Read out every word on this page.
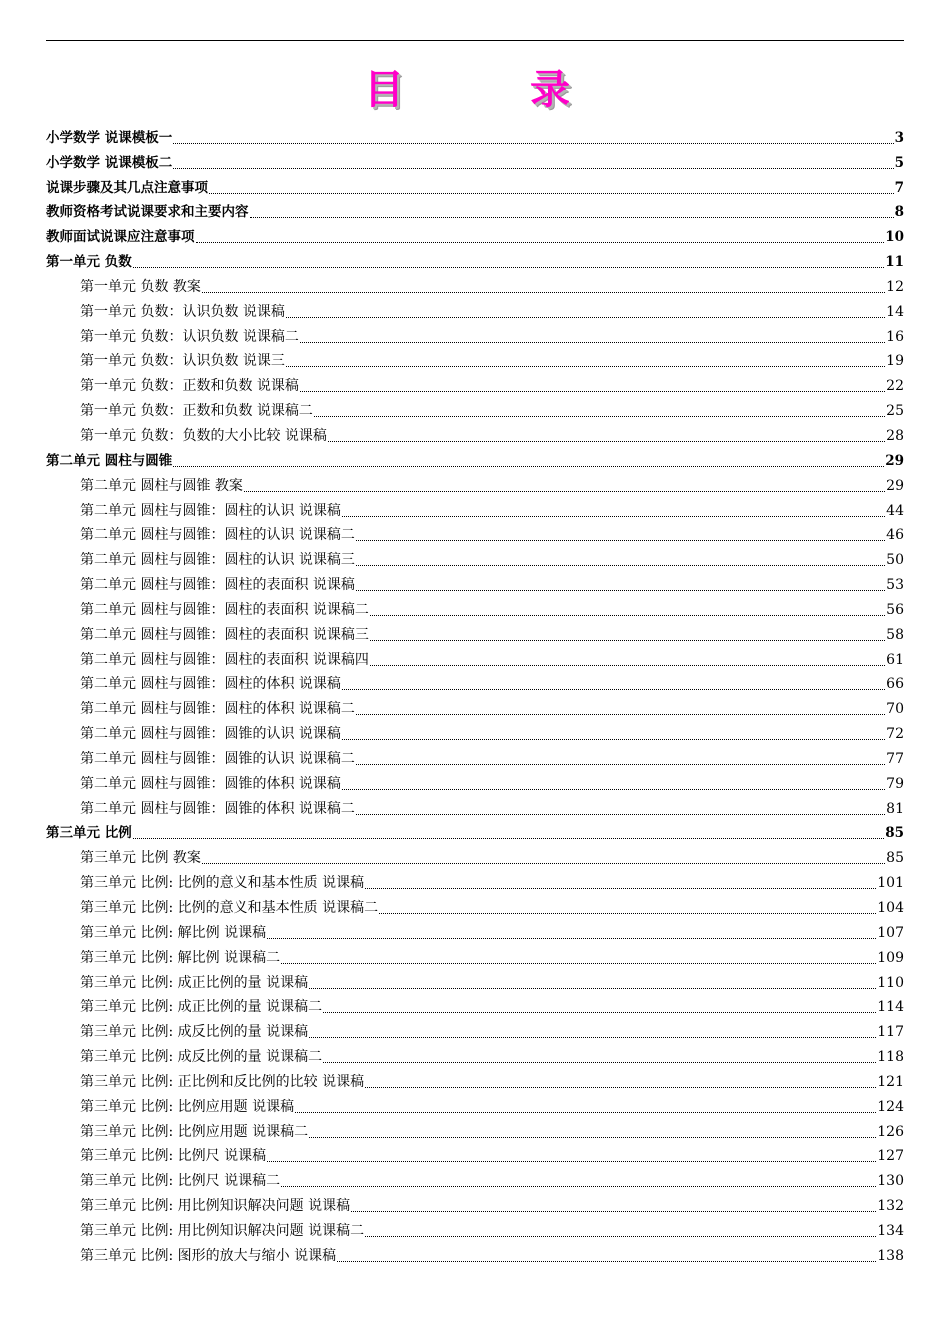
目 录
小学数学 说课模板一	3
小学数学 说课模板二	5
说课步骤及其几点注意事项	7
教师资格考试说课要求和主要内容	8
教师面试说课应注意事项	10
第一单元 负数	11
第一单元 负数 教案	12
第一单元 负数：认识负数 说课稿	14
第一单元 负数：认识负数 说课稿二	16
第一单元 负数：认识负数 说课三	19
第一单元 负数：正数和负数 说课稿	22
第一单元 负数：正数和负数 说课稿二	25
第一单元 负数：负数的大小比较 说课稿	28
第二单元 圆柱与圆锥	29
第二单元 圆柱与圆锥 教案	29
第二单元 圆柱与圆锥：圆柱的认识 说课稿	44
第二单元 圆柱与圆锥：圆柱的认识 说课稿二	46
第二单元 圆柱与圆锥：圆柱的认识 说课稿三	50
第二单元 圆柱与圆锥：圆柱的表面积 说课稿	53
第二单元 圆柱与圆锥：圆柱的表面积 说课稿二	56
第二单元 圆柱与圆锥：圆柱的表面积 说课稿三	58
第二单元 圆柱与圆锥：圆柱的表面积 说课稿四	61
第二单元 圆柱与圆锥：圆柱的体积 说课稿	66
第二单元 圆柱与圆锥：圆柱的体积 说课稿二	70
第二单元 圆柱与圆锥：圆锥的认识 说课稿	72
第二单元 圆柱与圆锥：圆锥的认识 说课稿二	77
第二单元 圆柱与圆锥：圆锥的体积 说课稿	79
第二单元 圆柱与圆锥：圆锥的体积 说课稿二	81
第三单元 比例	85
第三单元 比例 教案	85
第三单元 比例: 比例的意义和基本性质 说课稿	101
第三单元 比例: 比例的意义和基本性质 说课稿二	104
第三单元 比例: 解比例 说课稿	107
第三单元 比例: 解比例 说课稿二	109
第三单元 比例: 成正比例的量 说课稿	110
第三单元 比例: 成正比例的量 说课稿二	114
第三单元 比例: 成反比例的量 说课稿	117
第三单元 比例: 成反比例的量 说课稿二	118
第三单元 比例: 正比例和反比例的比较 说课稿	121
第三单元 比例: 比例应用题 说课稿	124
第三单元 比例: 比例应用题 说课稿二	126
第三单元 比例: 比例尺 说课稿	127
第三单元 比例: 比例尺 说课稿二	130
第三单元 比例: 用比例知识解决问题 说课稿	132
第三单元 比例: 用比例知识解决问题 说课稿二	134
第三单元 比例: 图形的放大与缩小 说课稿	138
